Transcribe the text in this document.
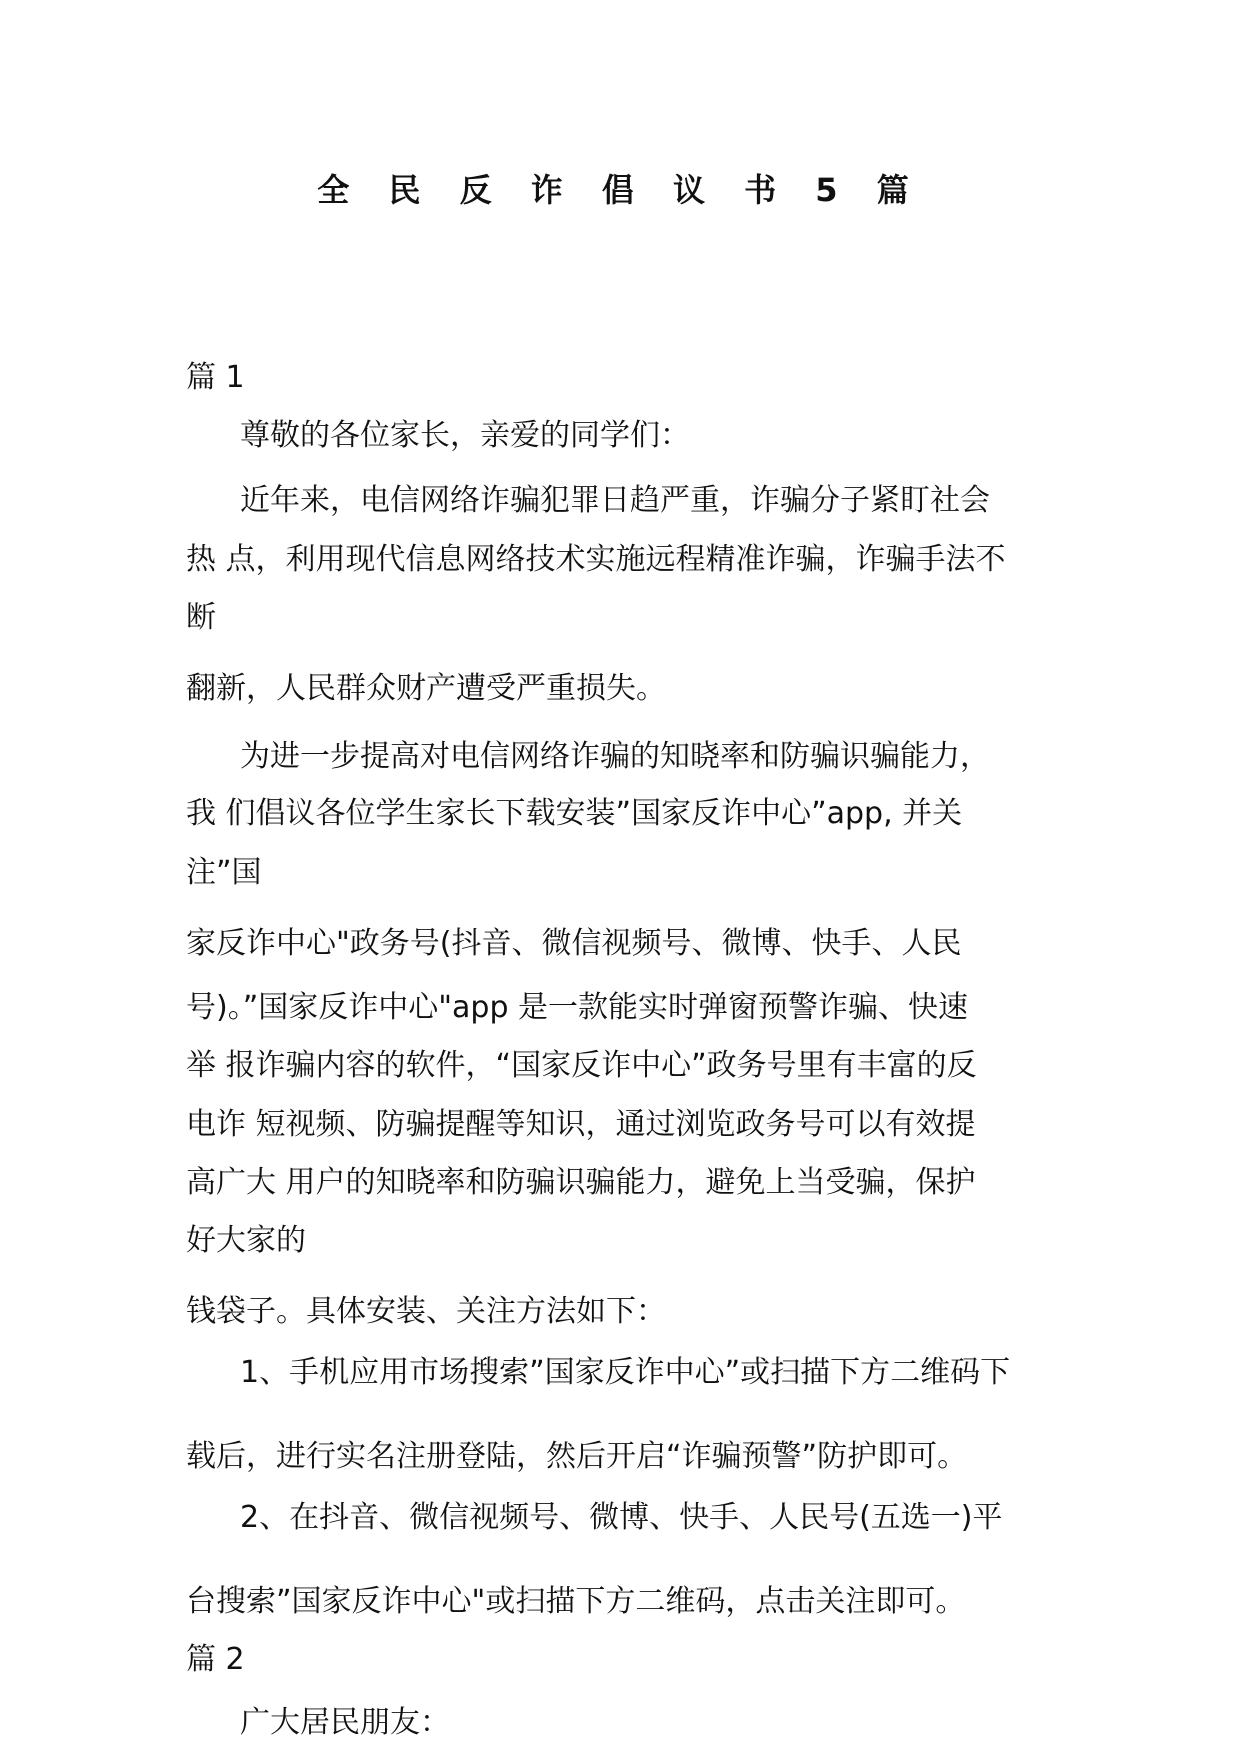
全 民 反 诈 倡 议 书 5 篇
篇 1
尊敬的各位家长，亲爱的同学们：
近年来，电信网络诈骗犯罪日趋严重，诈骗分子紧盯社会
热 点，利用现代信息网络技术实施远程精准诈骗，诈骗手法不
断
翻新，人民群众财产遭受严重损失。
为进一步提高对电信网络诈骗的知晓率和防骗识骗能力，
我 们倡议各位学生家长下载安装”国家反诈中心”app, 并关
注”国
家反诈中心"政务号(抖音、微信视频号、微博、快手、人民
号)。”国家反诈中心"app 是一款能实时弹窗预警诈骗、快速
举 报诈骗内容的软件，“国家反诈中心”政务号里有丰富的反
电诈 短视频、防骗提醒等知识，通过浏览政务号可以有效提
高广大 用户的知晓率和防骗识骗能力，避免上当受骗，保护
好大家的
钱袋子。具体安装、关注方法如下：
1、手机应用市场搜索”国家反诈中心”或扫描下方二维码下
载后，进行实名注册登陆，然后开启“诈骗预警”防护即可。
2、在抖音、微信视频号、微博、快手、人民号(五选一)平
台搜索”国家反诈中心"或扫描下方二维码，点击关注即可。
篇 2
广大居民朋友：
